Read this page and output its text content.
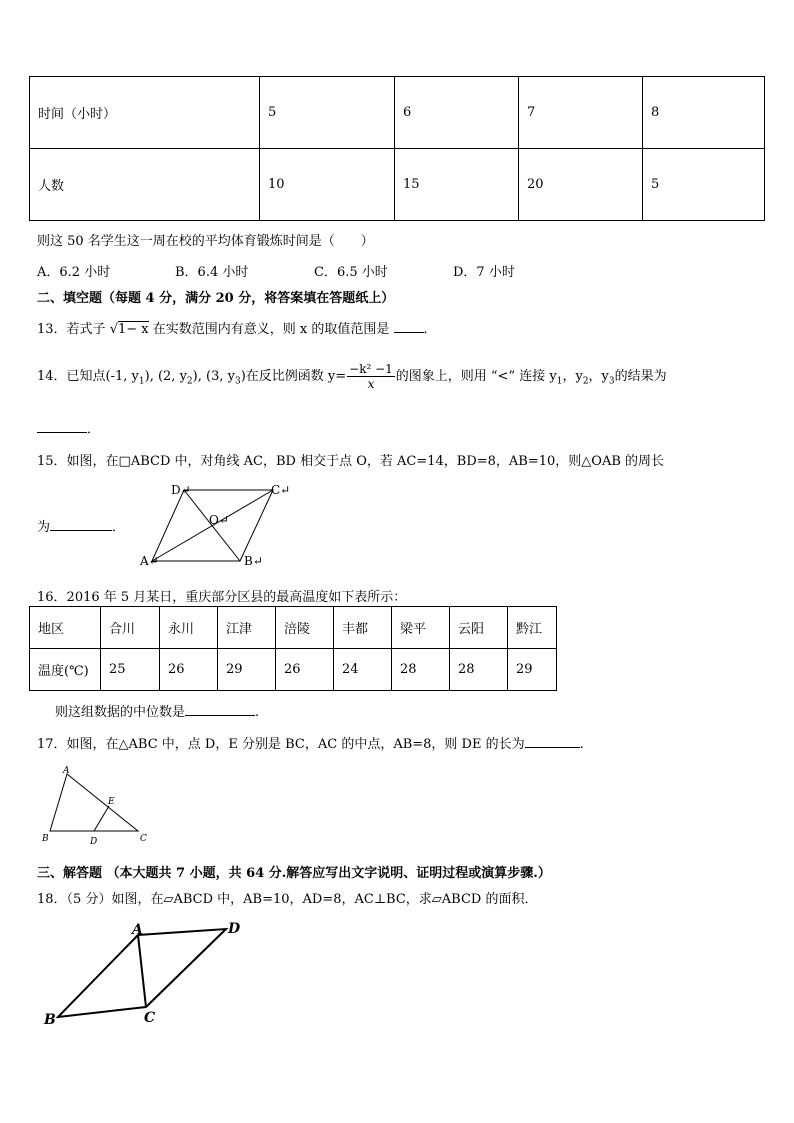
时间（小时）	5	6	7	8
人数	10	15	20	5
则这 50 名学生这一周在校的平均体育锻炼时间是（　　）
A．6.2 小时	B．6.4 小时	C．6.5 小时	D．7 小时
二、填空题（每题 4 分，满分 20 分，将答案填在答题纸上）
13．若式子 √1− x 在实数范围内有意义，则 x 的取值范围是	．
14．已知点(-1, $y_1$), (2, $y_2$), (3, $y_3$)在反比例函数 $y= \frac{\text{−k² −1}}{x}$ 的图象上，则用 “<” 连接 $y_1$，$y_2$，$y_3$的结果为
．
15．如图，在□ABCD 中，对角线 AC，BD 相交于点 O，若 AC=14，BD=8，AB=10，则△OAB 的周长
为	．
D↵	C↵
O↵
A↵	B↵
16．2016 年 5 月某日，重庆部分区县的最高温度如下表所示：
地区	合川	永川	江津	涪陵	丰都	梁平	云阳	黔江
温度(℃)	25	26	29	26	24	28	28	29
则这组数据的中位数是	.
17．如图，在△ABC 中，点 D，E 分别是 BC，AC 的中点，AB=8，则 DE 的长为	.
A
E
B	D	C
三、解答题 （本大题共 7 小题，共 64 分.解答应写出文字说明、证明过程或演算步骤.）
18．（5 分）如图，在▱ABCD 中，AB=10，AD=8，AC⊥BC，求▱ABCD 的面积．
A	D
B	C
